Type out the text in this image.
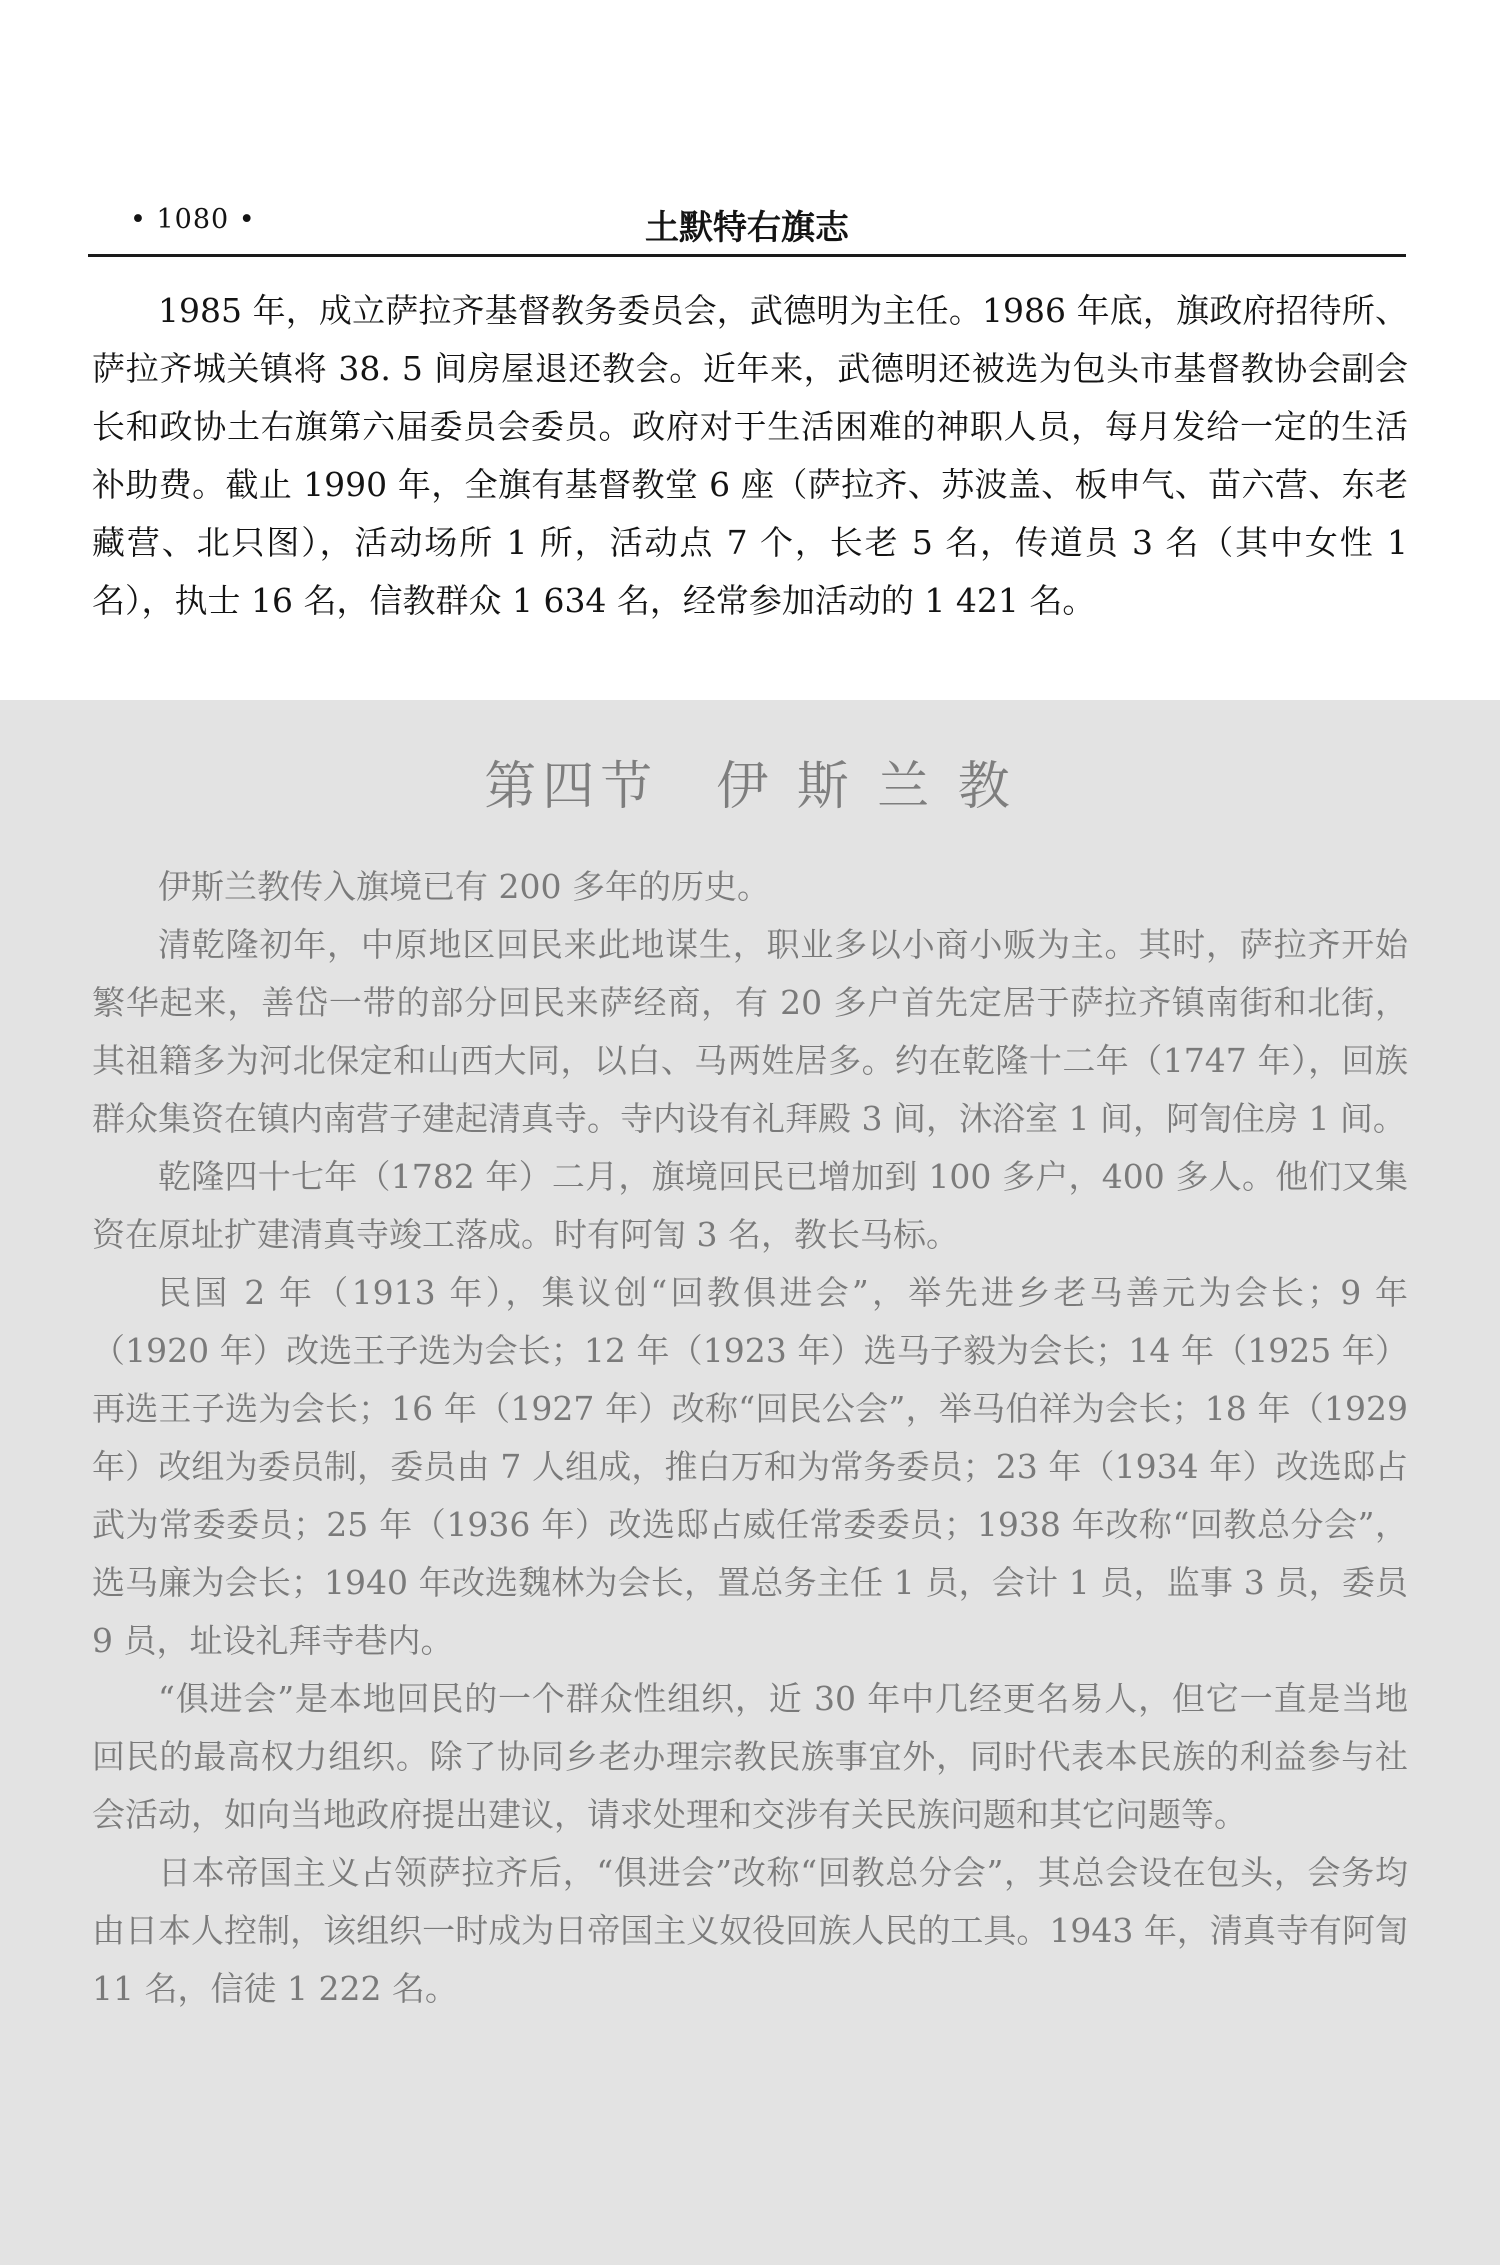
• 1080 •	土默特右旗志

1985 年，成立萨拉齐基督教务委员会，武德明为主任。1986 年底，旗政府招待所、萨拉齐城关镇将 38. 5 间房屋退还教会。近年来，武德明还被选为包头市基督教协会副会长和政协土右旗第六届委员会委员。政府对于生活困难的神职人员，每月发给一定的生活补助费。截止 1990 年，全旗有基督教堂 6 座（萨拉齐、苏波盖、板申气、苗六营、东老藏营、北只图），活动场所 1 所，活动点 7 个，长老 5 名，传道员 3 名（其中女性 1 名），执士 16 名，信教群众 1 634 名，经常参加活动的 1 421 名。

第四节　伊 斯 兰 教

伊斯兰教传入旗境已有 200 多年的历史。

清乾隆初年，中原地区回民来此地谋生，职业多以小商小贩为主。其时，萨拉齐开始繁华起来，善岱一带的部分回民来萨经商，有 20 多户首先定居于萨拉齐镇南街和北街，其祖籍多为河北保定和山西大同，以白、马两姓居多。约在乾隆十二年（1747 年），回族群众集资在镇内南营子建起清真寺。寺内设有礼拜殿 3 间，沐浴室 1 间，阿訇住房 1 间。

乾隆四十七年（1782 年）二月，旗境回民已增加到 100 多户，400 多人。他们又集资在原址扩建清真寺竣工落成。时有阿訇 3 名，教长马标。

民国 2 年（1913 年），集议创“回教俱进会”，举先进乡老马善元为会长；9 年（1920 年）改选王子选为会长；12 年（1923 年）选马子毅为会长；14 年（1925 年）再选王子选为会长；16 年（1927 年）改称“回民公会”，举马伯祥为会长；18 年（1929 年）改组为委员制，委员由 7 人组成，推白万和为常务委员；23 年（1934 年）改选邸占武为常委委员；25 年（1936 年）改选邸占威任常委委员；1938 年改称“回教总分会”，选马廉为会长；1940 年改选魏林为会长，置总务主任 1 员，会计 1 员，监事 3 员，委员 9 员，址设礼拜寺巷内。

“俱进会”是本地回民的一个群众性组织，近 30 年中几经更名易人，但它一直是当地回民的最高权力组织。除了协同乡老办理宗教民族事宜外，同时代表本民族的利益参与社会活动，如向当地政府提出建议，请求处理和交涉有关民族问题和其它问题等。

日本帝国主义占领萨拉齐后，“俱进会”改称“回教总分会”，其总会设在包头，会务均由日本人控制，该组织一时成为日帝国主义奴役回族人民的工具。1943 年，清真寺有阿訇 11 名，信徒 1 222 名。
